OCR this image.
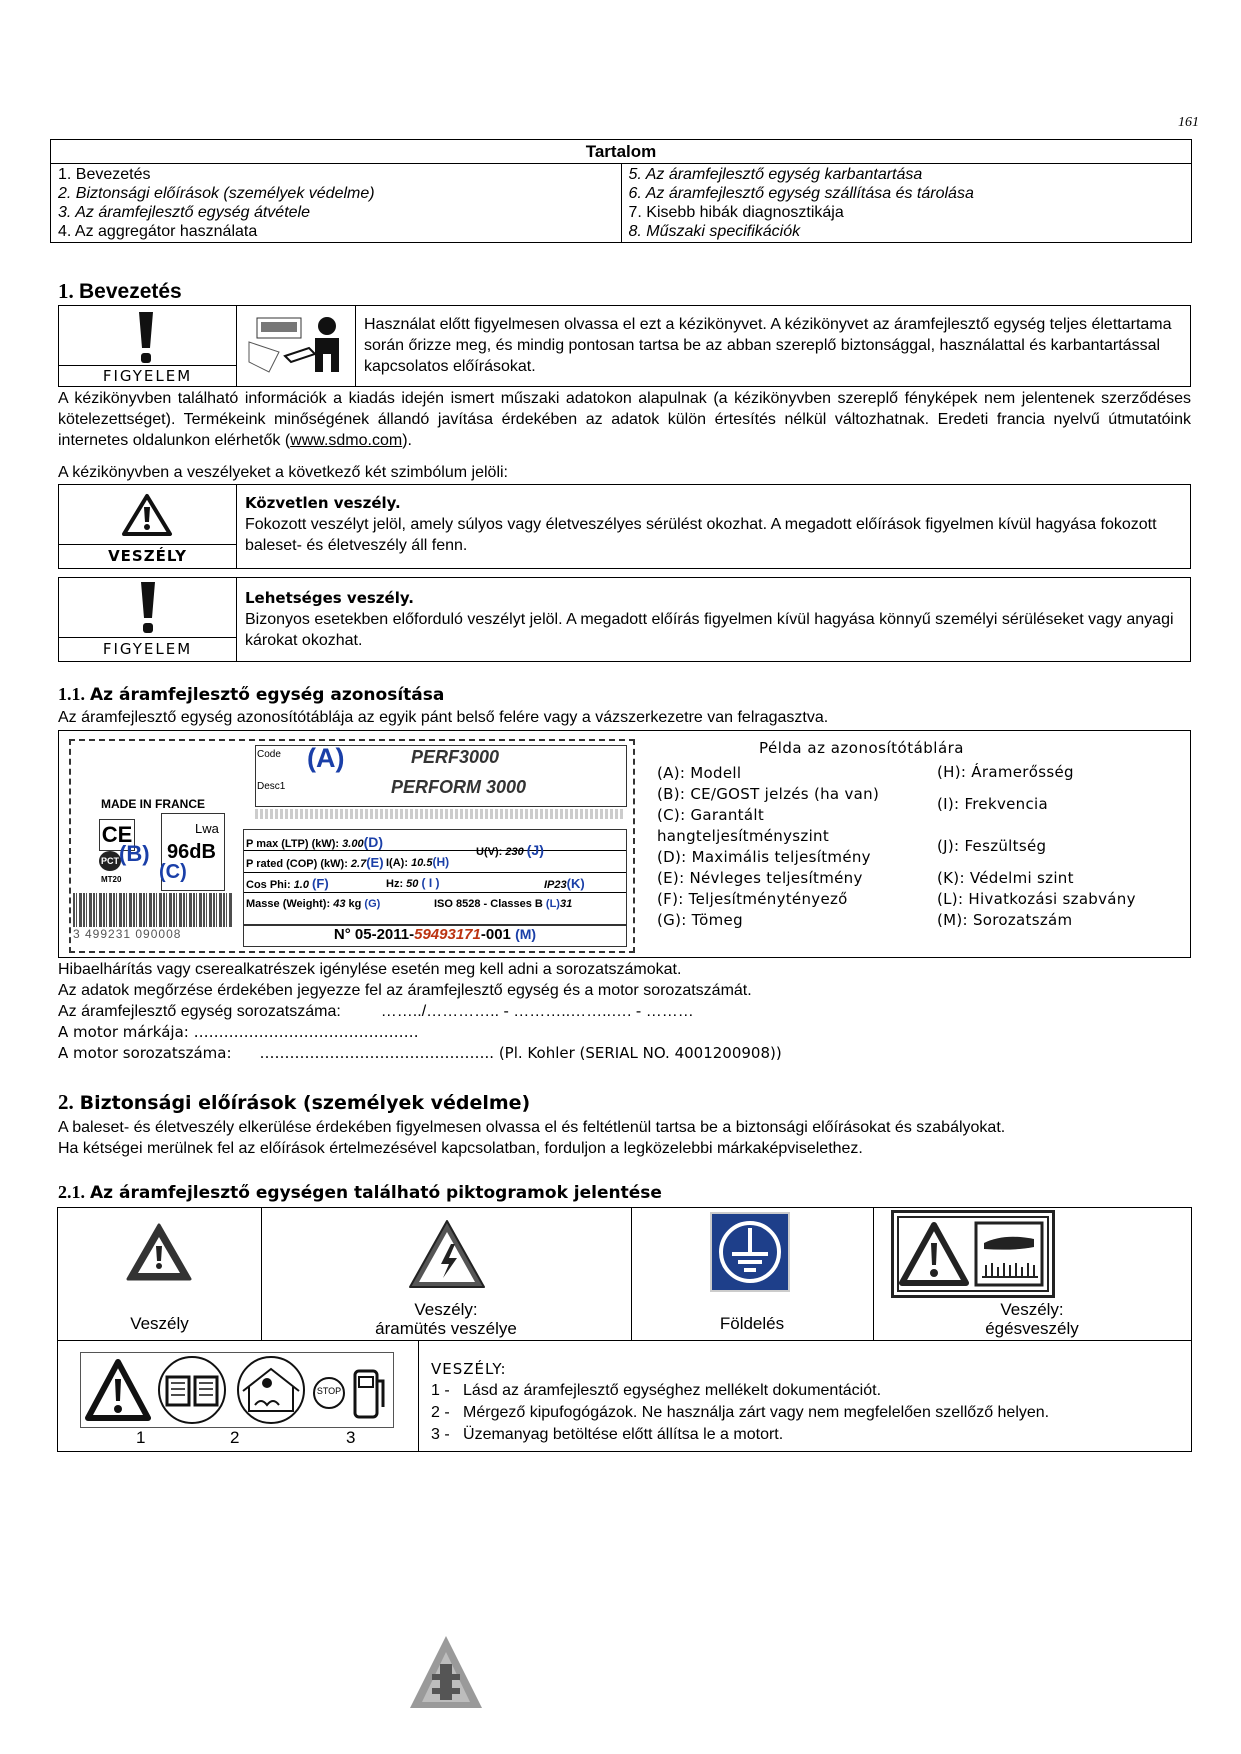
161
Tartalom

1. Bevezetés
2. Biztonsági előírások (személyek védelme)
3. Az áramfejlesztő egység átvétele
4. Az aggregátor használata

5. Az áramfejlesztő egység karbantartása
6. Az áramfejlesztő egység szállítása és tárolása
7. Kisebb hibák diagnosztikája
8. Műszaki specifikációk
1. Bevezetés
FIGYELEM
Használat előtt figyelmesen olvassa el ezt a kézikönyvet. A kézikönyvet az áramfejlesztő egység teljes élettartama során őrizze meg, és mindig pontosan tartsa be az abban szereplő biztonsággal, használattal és karbantartással kapcsolatos előírásokat.
A kézikönyvben található információk a kiadás idején ismert műszaki adatokon alapulnak (a kézikönyvben szereplő fényképek nem jelentenek szerződéses kötelezettséget). Termékeink minőségének állandó javítása érdekében az adatok külön értesítés nélkül változhatnak. Eredeti francia nyelvű útmutatóink internetes oldalunkon elérhetők (www.sdmo.com).
A kézikönyvben a veszélyeket a következő két szimbólum jelöli:
VESZÉLY
Közvetlen veszély.
Fokozott veszélyt jelöl, amely súlyos vagy életveszélyes sérülést okozhat. A megadott előírások figyelmen kívül hagyása fokozott baleset- és életveszély áll fenn.
FIGYELEM
Lehetséges veszély.
Bizonyos esetekben előforduló veszélyt jelöl. A megadott előírás figyelmen kívül hagyása könnyű személyi sérüléseket vagy anyagi károkat okozhat.
1.1. Az áramfejlesztő egység azonosítása
Az áramfejlesztő egység azonosítótáblája az egyik pánt belső felére vagy a vázszerkezetre van felragasztva.
Code (A)	PERF3000
Desc1	PERFORM 3000
MADE IN FRANCE
CE
PCT (B)
MT20
Lwa
96dB
(C)
P max (LTP) (kW): 3.00(D)
P rated (COP) (kW): 2.7(E) I(A): 10.5(H)
U(V): 230 (J)
Cos Phi: 1.0 (F)	Hz: 50 ( I )	IP23(K)
Masse (Weight): 43 kg (G)	ISO 8528 - Classes B (L)31
3 499231 090008	N° 05-2011-59493171-001 (M)
Példa az azonosítótáblára
(A): Modell
(B): CE/GOST jelzés (ha van)
(C): Garantált hangteljesítményszint
(D): Maximális teljesítmény
(E): Névleges teljesítmény
(F): Teljesítménytényező
(G): Tömeg
(H): Áramerősség
(I): Frekvencia
(J): Feszültség
(K): Védelmi szint
(L): Hivatkozási szabvány
(M): Sorozatszám
Hibaelhárítás vagy cserealkatrészek igénylése esetén meg kell adni a sorozatszámokat.
Az adatok megőrzése érdekében jegyezze fel az áramfejlesztő egység és a motor sorozatszámát.
Az áramfejlesztő egység sorozatszáma:	……../………….. - ………..……..…. - ………
A motor márkája: ………………………………………
A motor sorozatszáma: ……………………………………….. (Pl. Kohler (SERIAL NO. 4001200908))
2. Biztonsági előírások (személyek védelme)
A baleset- és életveszély elkerülése érdekében figyelmesen olvassa el és feltétlenül tartsa be a biztonsági előírásokat és szabályokat.
Ha kétségei merülnek fel az előírások értelmezésével kapcsolatban, forduljon a legközelebbi márkaképviselethez.
2.1. Az áramfejlesztő egységen található piktogramok jelentése
Veszély
Veszély:
áramütés veszélye	Földelés
Veszély:
égésveszély
STOP
1	2	3
VESZÉLY:
1 - Lásd az áramfejlesztő egységhez mellékelt dokumentációt.
2 - Mérgező kipufogógázok. Ne használja zárt vagy nem megfelelően szellőző helyen.
3 - Üzemanyag betöltése előtt állítsa le a motort.
